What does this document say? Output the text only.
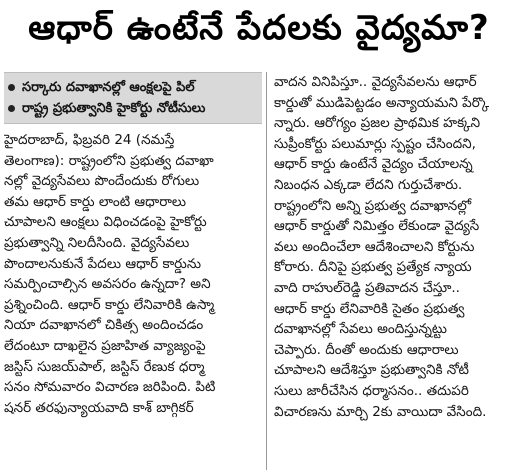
ఆధార్‌ ఉంటేనే పేదలకు వైద్యమా?
సర్కారు దవాఖానల్లో ఆంక్షలపై పిల్‌
రాష్ట్ర ప్రభుత్వానికి హైకోర్టు నోటీసులు
హైదరాబాద్‌, ఫిబ్రవరి 24 (నమస్తే
తెలంగాణ): రాష్ట్రంలోని ప్రభుత్వ దవాఖా
నల్లో వైద్యసేవలు పొందేందుకు రోగులు
తమ ఆధార్‌ కార్డు లాంటి ఆధారాలు
చూపాలని ఆంక్షలు విధించడంపై హైకోర్టు
ప్రభుత్వాన్ని నిలదీసింది. వైద్యసేవలు
పొందాలనుకునే పేదలు ఆధార్‌ కార్డును
సమర్పించాల్సిన అవసరం ఉన్నదా? అని
ప్రశ్నించింది. ఆధార్‌ కార్డు లేనివారికి ఉస్మా
నియా దవాఖానలో చికిత్స అందించడం
లేదంటూ దాఖలైన ప్రజాహిత వ్యాజ్యంపై
జస్టిస్‌ సుజయ్‌పాల్‌, జస్టిస్‌ రేణుక ధర్మా
సనం సోమవారం విచారణ జరిపింది. పిటి
షనర్‌ తరఫున్యాయవాది కాశ్‌ బాగ్గికర్‌
వాదన వినిపిస్తూ.. వైద్యసేవలను ఆధార్‌
కార్డుతో ముడిపెట్టడం అన్యాయమని పేర్కొ
న్నారు. ఆరోగ్యం ప్రజల ప్రాథమిక హక్కని
సుప్రీంకోర్టు పలుమార్లు స్పష్టం చేసిందని,
ఆధార్‌ కార్డు ఉంటేనే వైద్యం చేయాలన్న
నిబంధన ఎక్కడా లేదని గుర్తుచేశారు.
రాష్ట్రంలోని అన్ని ప్రభుత్వ దవాఖానల్లో
ఆధార్‌ కార్డుతో నిమిత్తం లేకుండా వైద్యసే
వలు అందించేలా ఆదేశించాలని కోర్టును
కోరారు. దీనిపై ప్రభుత్వ ప్రత్యేక న్యాయ
వాది రాహుల్‌రెడ్డి ప్రతివాదన చేస్తూ..
ఆధార్‌ కార్డు లేనివారికి సైతం ప్రభుత్వ
దవాఖానల్లో సేవలు అందిస్తున్నట్టు
చెప్పారు. దీంతో అందుకు ఆధారాలు
చూపాలని ఆదేశిస్తూ ప్రభుత్వానికి నోటీ
సులు జారీచేసిన ధర్మాసనం.. తదుపరి
విచారణను మార్చి 2కు వాయిదా వేసింది.
